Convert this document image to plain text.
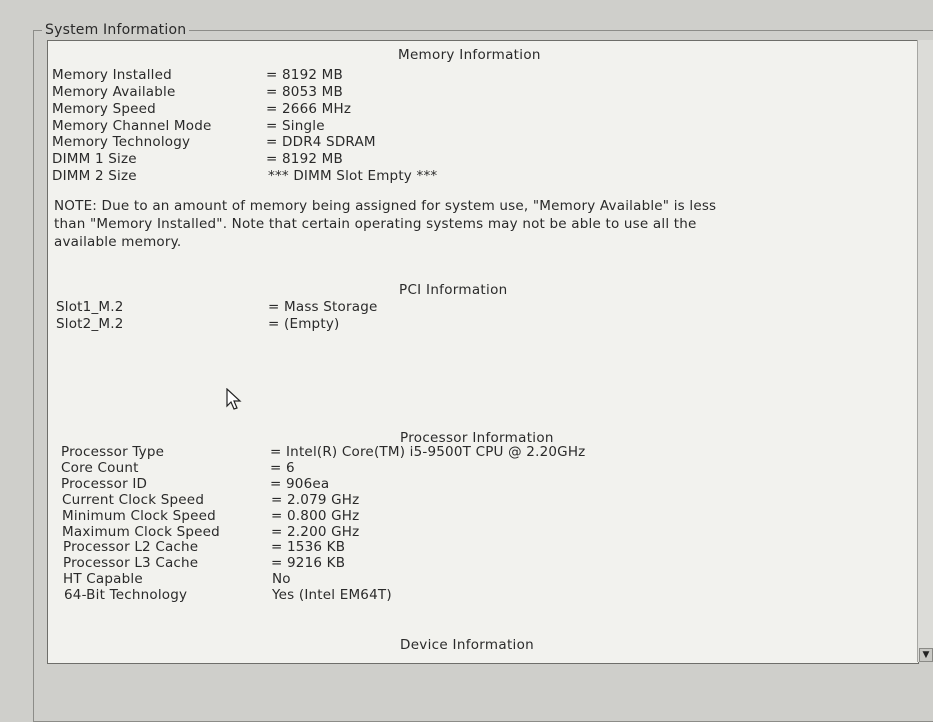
System Information
Memory Information
Memory Installed	= 8192 MB
Memory Available	= 8053 MB
Memory Speed	= 2666 MHz
Memory Channel Mode	= Single
Memory Technology	= DDR4 SDRAM
DIMM 1 Size	= 8192 MB
DIMM 2 Size	*** DIMM Slot Empty ***
NOTE: Due to an amount of memory being assigned for system use, "Memory Available" is less
than "Memory Installed". Note that certain operating systems may not be able to use all the
available memory.
PCI Information
Slot1_M.2	= Mass Storage
Slot2_M.2	= (Empty)
Processor Information
Processor Type	= Intel(R) Core(TM) i5-9500T CPU @ 2.20GHz
Core Count	= 6
Processor ID	= 906ea
Current Clock Speed	= 2.079 GHz
Minimum Clock Speed	= 0.800 GHz
Maximum Clock Speed	= 2.200 GHz
Processor L2 Cache	= 1536 KB
Processor L3 Cache	= 9216 KB
HT Capable	No
64-Bit Technology	Yes (Intel EM64T)
Device Information
▼
